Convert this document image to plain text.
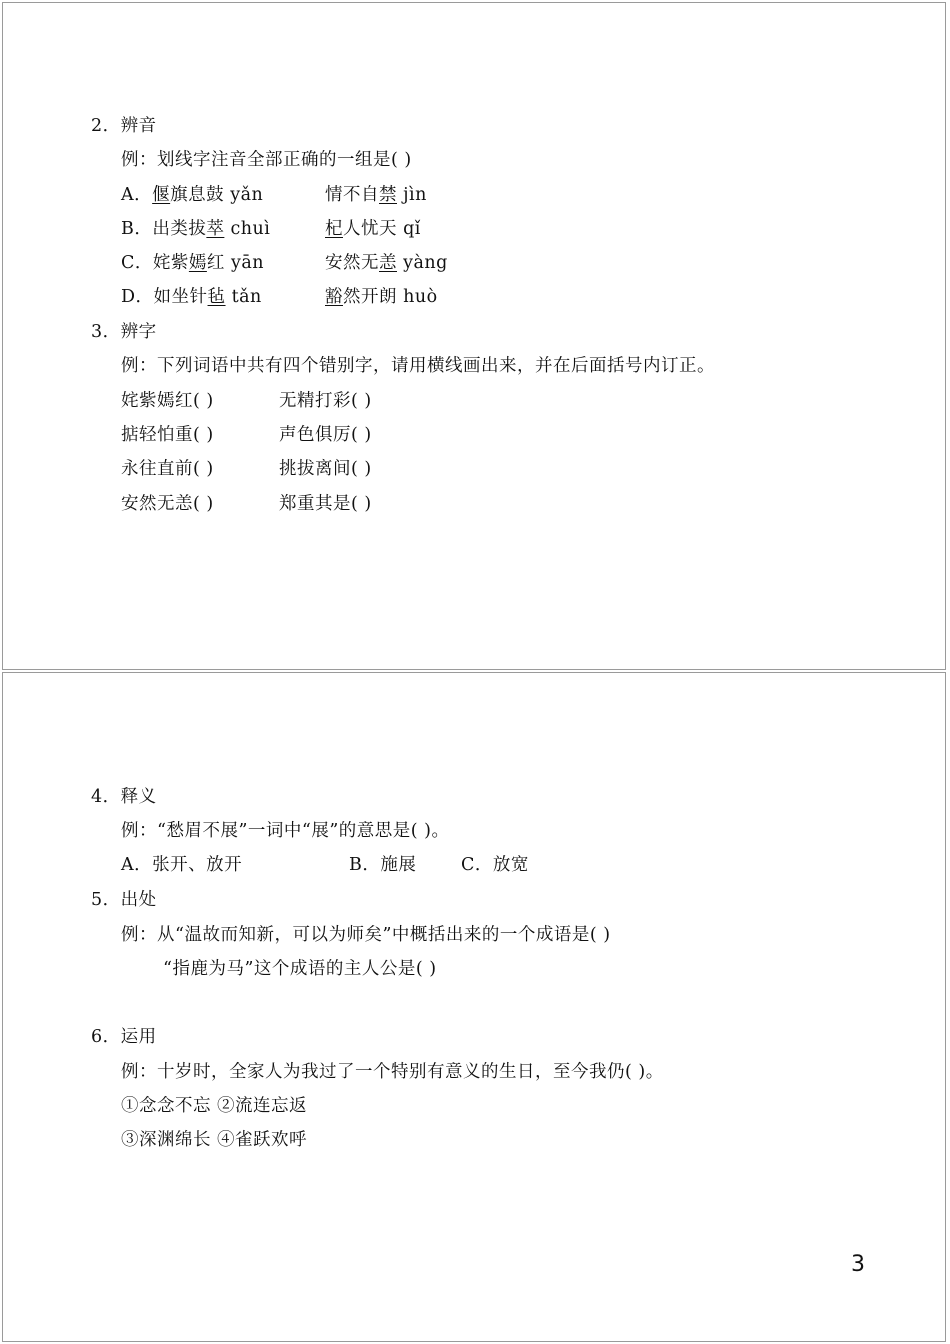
2．辨音
例：划线字注音全部正确的一组是( )
A．偃旗息鼓 yǎn	情不自禁 jìn
B．出类拔萃 chuì	杞人忧天 qǐ
C．姹紫嫣红 yān	安然无恙 yàng
D．如坐针毡 tǎn	豁然开朗 huò
3．辨字
例：下列词语中共有四个错别字，请用横线画出来，并在后面括号内订正。
姹紫嫣红( )	无精打彩( )
掂轻怕重( )	声色俱厉( )
永往直前( )	挑拔离间( )
安然无恙( )	郑重其是( )
4．释义
例：“愁眉不展”一词中“展”的意思是( )。
A．张开、放开	B．施展	C．放宽
5．出处
例：从“温故而知新，可以为师矣”中概括出来的一个成语是( )
“指鹿为马”这个成语的主人公是( )
6．运用
例：十岁时，全家人为我过了一个特别有意义的生日，至今我仍( )。
①念念不忘 ②流连忘返
③深渊绵长 ④雀跃欢呼
3
